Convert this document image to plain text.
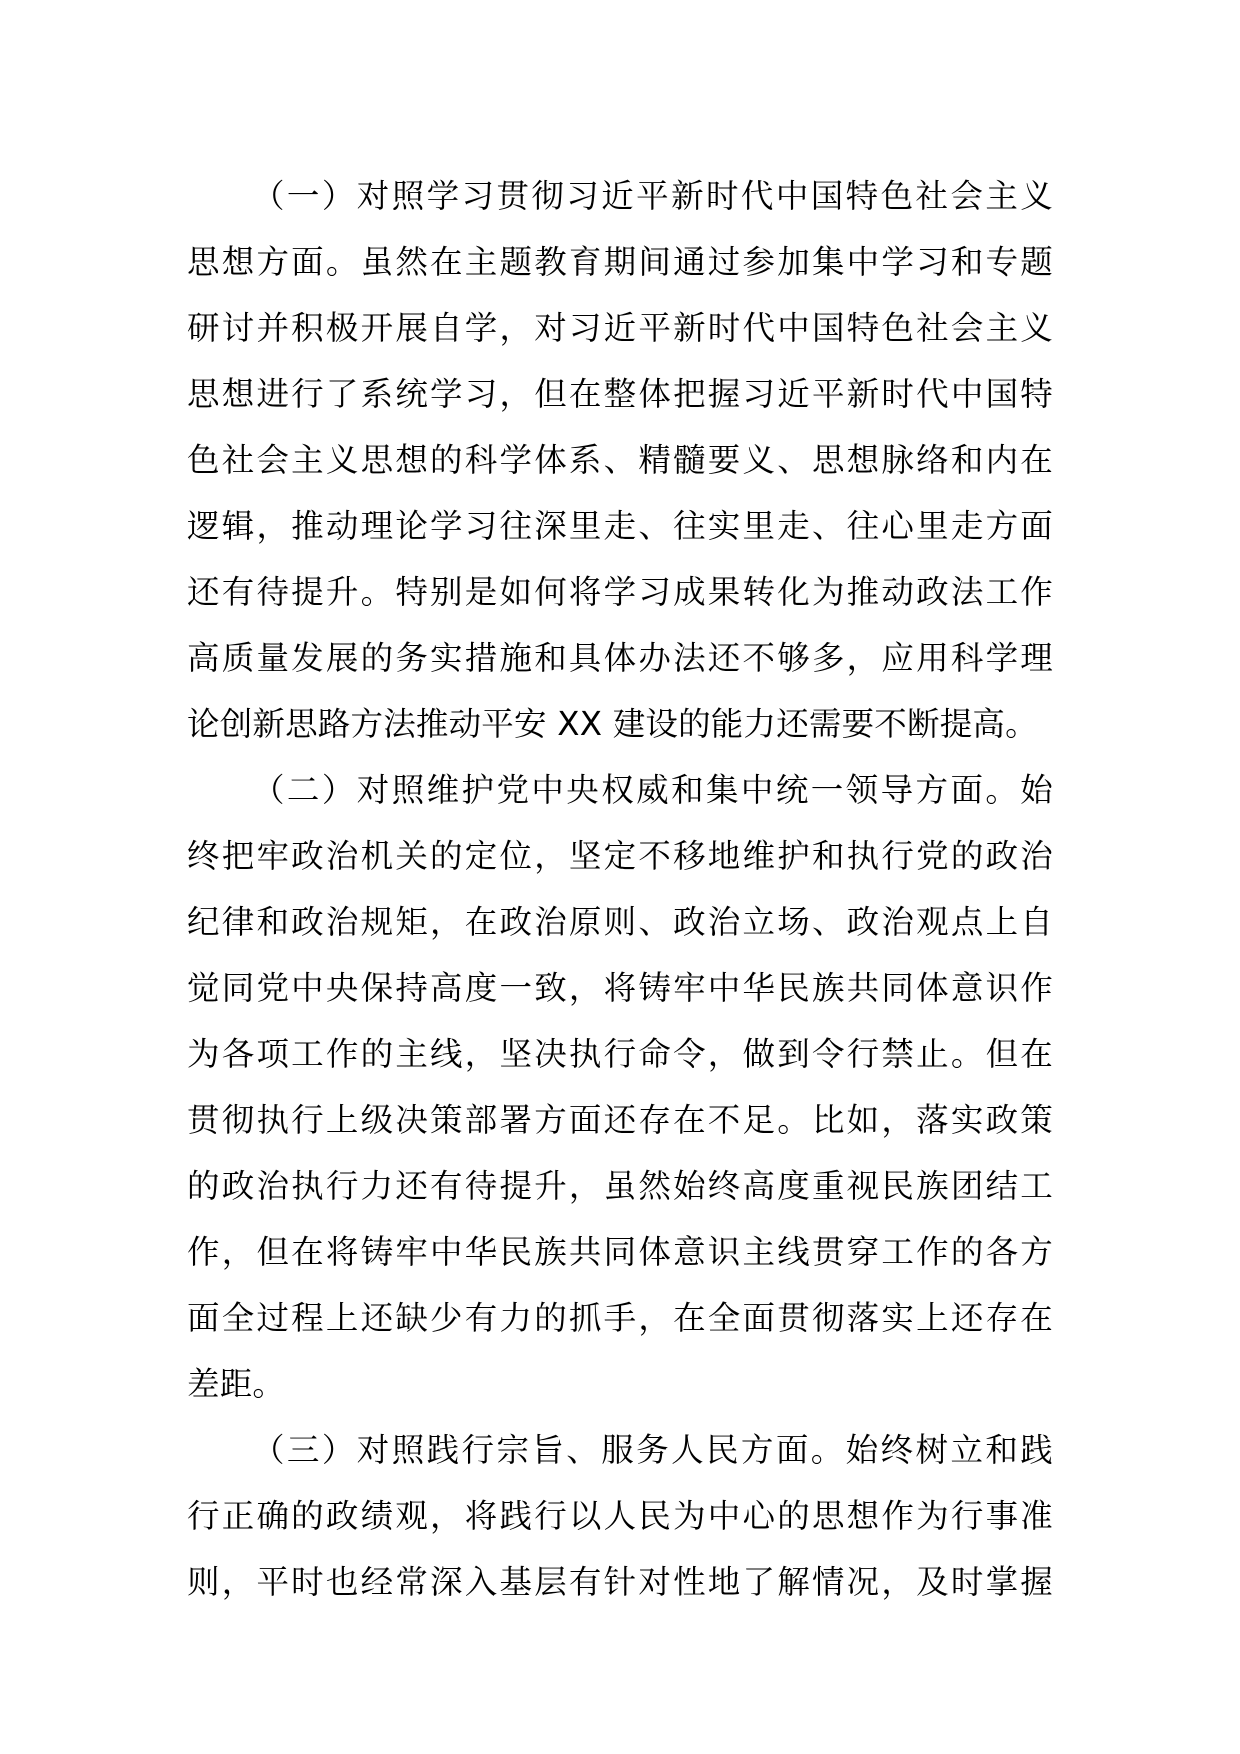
（一）对照学习贯彻习近平新时代中国特色社会主义
思想方面。虽然在主题教育期间通过参加集中学习和专题
研讨并积极开展自学，对习近平新时代中国特色社会主义
思想进行了系统学习，但在整体把握习近平新时代中国特
色社会主义思想的科学体系、精髓要义、思想脉络和内在
逻辑，推动理论学习往深里走、往实里走、往心里走方面
还有待提升。特别是如何将学习成果转化为推动政法工作
高质量发展的务实措施和具体办法还不够多，应用科学理
论创新思路方法推动平安 XX 建设的能力还需要不断提高。
（二）对照维护党中央权威和集中统一领导方面。始
终把牢政治机关的定位，坚定不移地维护和执行党的政治
纪律和政治规矩，在政治原则、政治立场、政治观点上自
觉同党中央保持高度一致，将铸牢中华民族共同体意识作
为各项工作的主线，坚决执行命令，做到令行禁止。但在
贯彻执行上级决策部署方面还存在不足。比如，落实政策
的政治执行力还有待提升，虽然始终高度重视民族团结工
作，但在将铸牢中华民族共同体意识主线贯穿工作的各方
面全过程上还缺少有力的抓手，在全面贯彻落实上还存在
差距。
（三）对照践行宗旨、服务人民方面。始终树立和践
行正确的政绩观，将践行以人民为中心的思想作为行事准
则，平时也经常深入基层有针对性地了解情况，及时掌握
